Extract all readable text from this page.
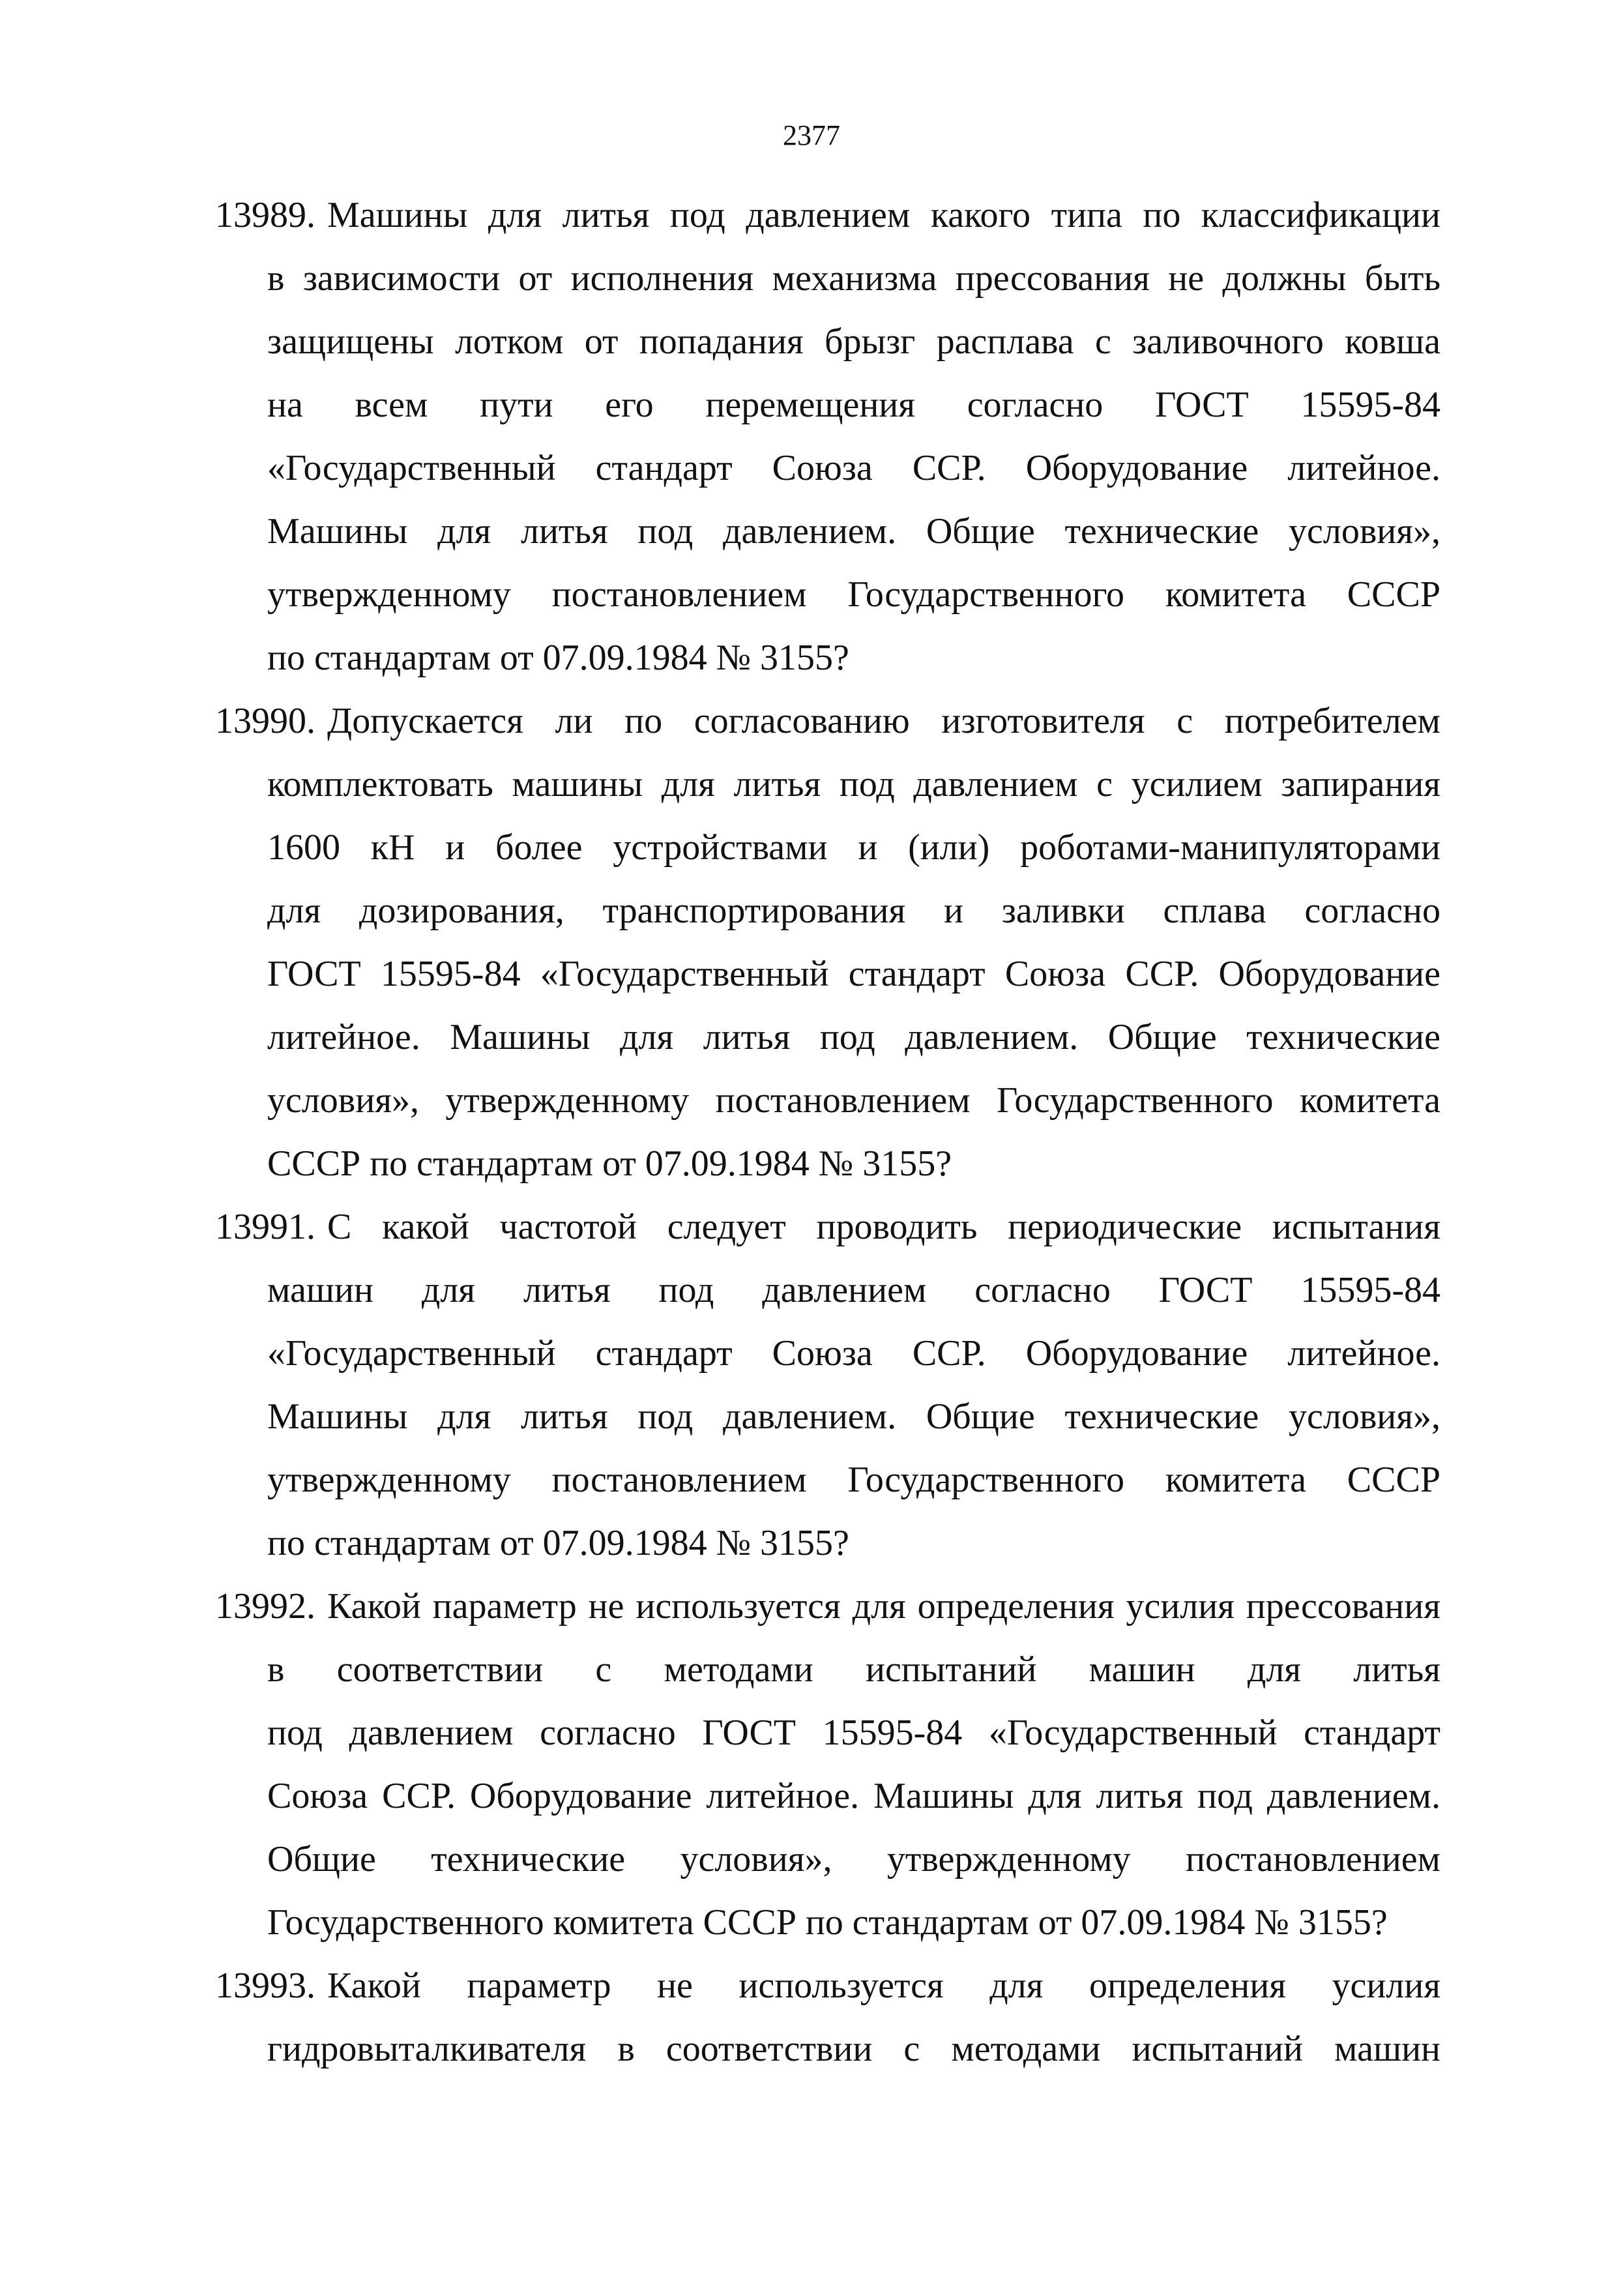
2377
13989. Машины для литья под давлением какого типа по классификации
в зависимости от исполнения механизма прессования не должны быть
защищены лотком от попадания брызг расплава с заливочного ковша
на всем пути его перемещения согласно ГОСТ 15595-84
«Государственный стандарт Союза ССР. Оборудование литейное.
Машины для литья под давлением. Общие технические условия»,
утвержденному постановлением Государственного комитета СССР
по стандартам от 07.09.1984 № 3155?
13990. Допускается ли по согласованию изготовителя с потребителем
комплектовать машины для литья под давлением с усилием запирания
1600 кН и более устройствами и (или) роботами-манипуляторами
для дозирования, транспортирования и заливки сплава согласно
ГОСТ 15595-84 «Государственный стандарт Союза ССР. Оборудование
литейное. Машины для литья под давлением. Общие технические
условия», утвержденному постановлением Государственного комитета
СССР по стандартам от 07.09.1984 № 3155?
13991. С какой частотой следует проводить периодические испытания
машин для литья под давлением согласно ГОСТ 15595-84
«Государственный стандарт Союза ССР. Оборудование литейное.
Машины для литья под давлением. Общие технические условия»,
утвержденному постановлением Государственного комитета СССР
по стандартам от 07.09.1984 № 3155?
13992. Какой параметр не используется для определения усилия прессования
в соответствии с методами испытаний машин для литья
под давлением согласно ГОСТ 15595-84 «Государственный стандарт
Союза ССР. Оборудование литейное. Машины для литья под давлением.
Общие технические условия», утвержденному постановлением
Государственного комитета СССР по стандартам от 07.09.1984 № 3155?
13993. Какой параметр не используется для определения усилия
гидровыталкивателя в соответствии с методами испытаний машин
